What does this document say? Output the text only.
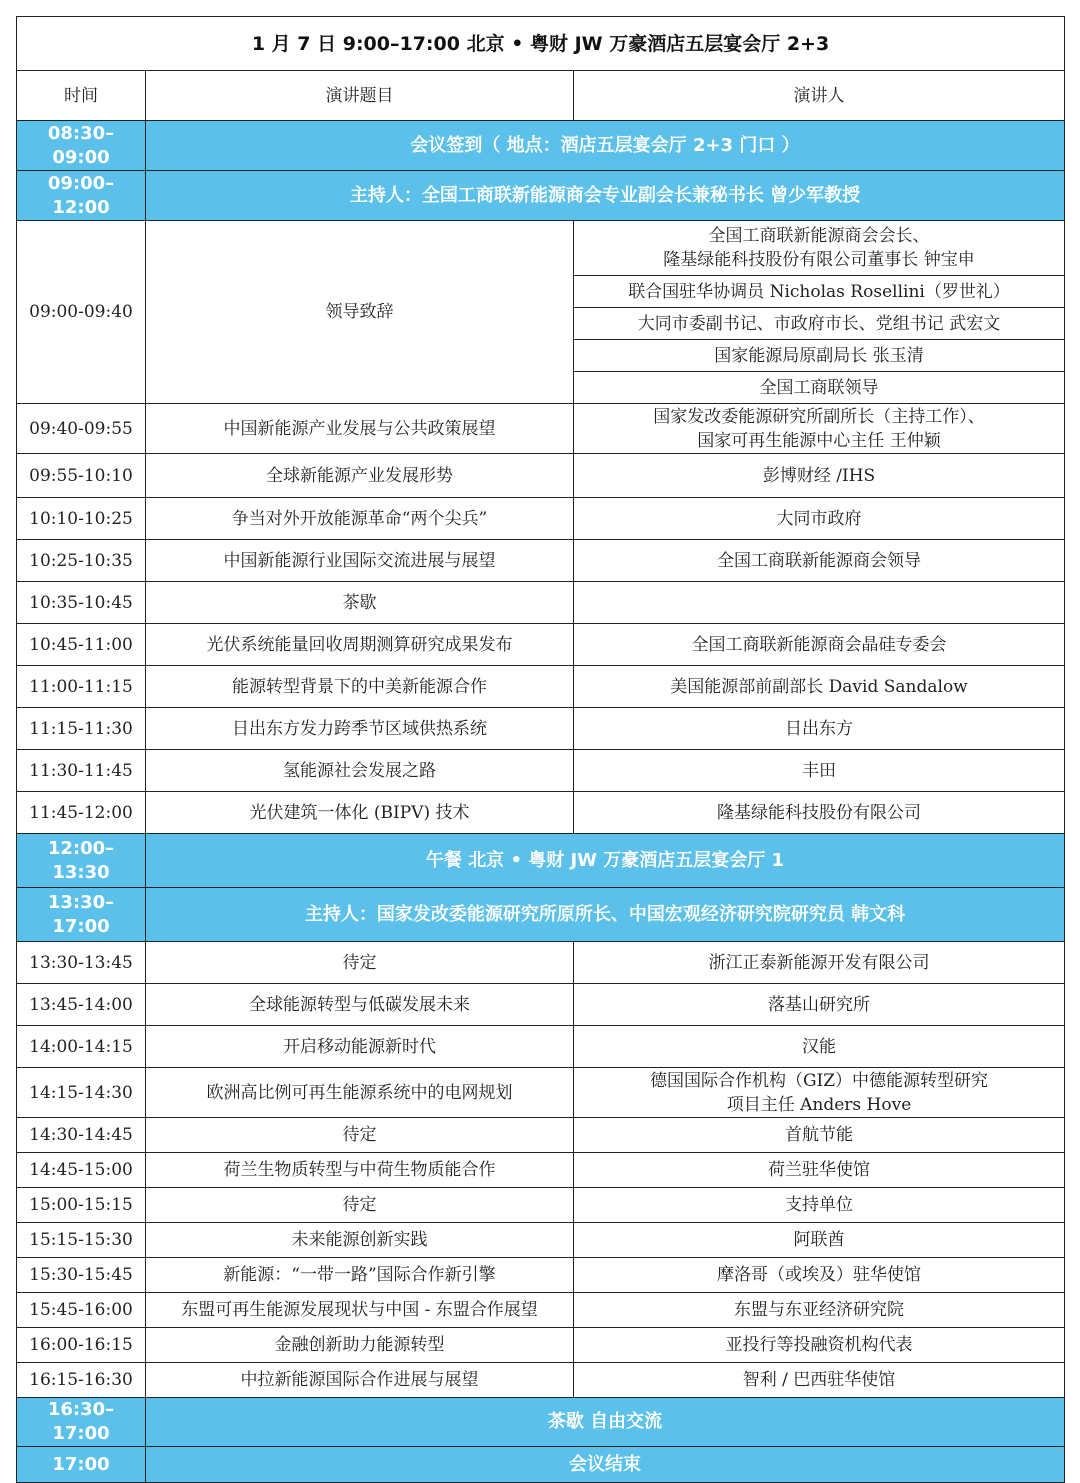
1 月 7 日 9:00–17:00 北京 • 粤财 JW 万豪酒店五层宴会厅 2+3		
时间	演讲题目	演讲人
08:30–09:00	会议签到（ 地点：酒店五层宴会厅 2+3 门口 ）	
09:00–12:00	主持人：全国工商联新能源商会专业副会长兼秘书长 曾少军教授	
09:00-09:40	领导致辞	全国工商联新能源商会会长、
隆基绿能科技股份有限公司董事长 钟宝申

		联合国驻华协调员 Nicholas Rosellini（罗世礼）
		大同市委副书记、市政府市长、党组书记 武宏文
		国家能源局原副局长 张玉清
		全国工商联领导
09:40-09:55	中国新能源产业发展与公共政策展望	国家发改委能源研究所副所长（主持工作）、
国家可再生能源中心主任 王仲颖

09:55-10:10	全球新能源产业发展形势	彭博财经 /IHS

10:10-10:25	争当对外开放能源革命“两个尖兵”	大同市政府

10:25-10:35	中国新能源行业国际交流进展与展望	全国工商联新能源商会领导

10:35-10:45	茶歇	

10:45-11:00	光伏系统能量回收周期测算研究成果发布	全国工商联新能源商会晶硅专委会

11:00-11:15	能源转型背景下的中美新能源合作	美国能源部前副部长 David Sandalow

11:15-11:30	日出东方发力跨季节区域供热系统	日出东方

11:30-11:45	氢能源社会发展之路	丰田

11:45-12:00	光伏建筑一体化 (BIPV) 技术	隆基绿能科技股份有限公司

12:00–13:30	午餐 北京 • 粤财 JW 万豪酒店五层宴会厅 1	
13:30–17:00	主持人：国家发改委能源研究所原所长、中国宏观经济研究院研究员 韩文科	
13:30-13:45	待定	浙江正泰新能源开发有限公司

13:45-14:00	全球能源转型与低碳发展未来	落基山研究所

14:00-14:15	开启移动能源新时代	汉能

14:15-14:30	欧洲高比例可再生能源系统中的电网规划	德国国际合作机构（GIZ）中德能源转型研究
项目主任 Anders Hove

14:30-14:45	待定	首航节能

14:45-15:00	荷兰生物质转型与中荷生物质能合作	荷兰驻华使馆

15:00-15:15	待定	支持单位

15:15-15:30	未来能源创新实践	阿联酋

15:30-15:45	新能源：“一带一路”国际合作新引擎	摩洛哥（或埃及）驻华使馆

15:45-16:00	东盟可再生能源发展现状与中国 - 东盟合作展望	东盟与东亚经济研究院

16:00-16:15	金融创新助力能源转型	亚投行等投融资机构代表

16:15-16:30	中拉新能源国际合作进展与展望	智利 / 巴西驻华使馆

16:30–17:00	茶歇 自由交流	
17:00	会议结束	
